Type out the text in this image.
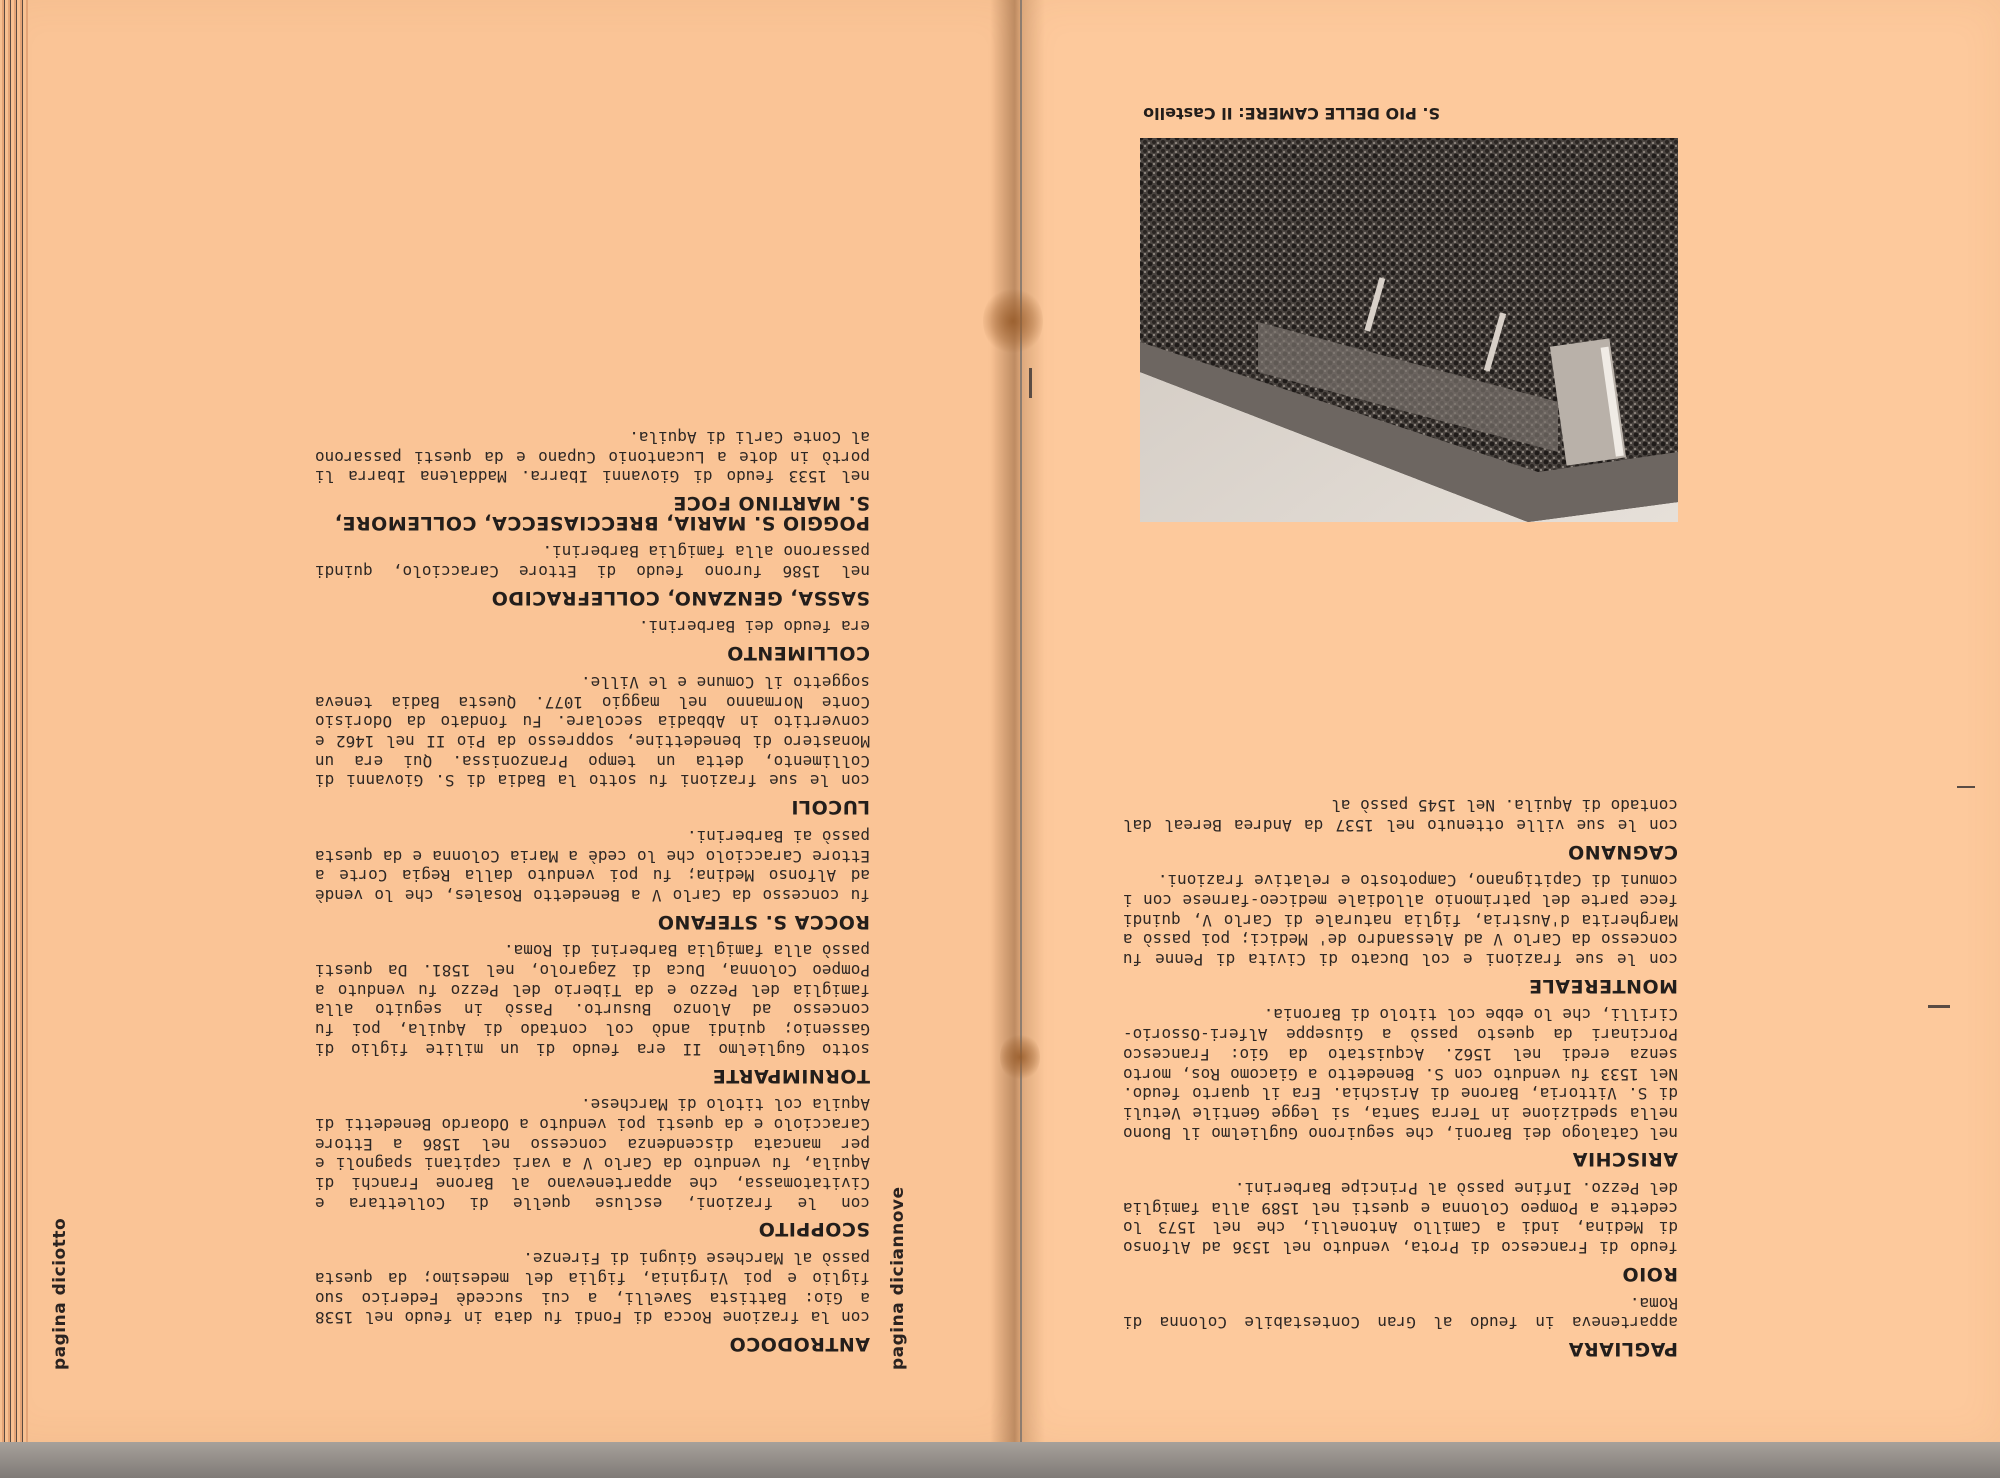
pagina diciotto	ANTRODOCO
con la frazione Rocca di Fondi fu data in feudo nel 1538 a Gio: Battista Savelli, a cui succedè Federico suo figlio e poi Virginia, figlia del medesimo; da questa passò al Marchese Giugni di Firenze.
SCOPPITO
con le frazioni, escluse quelle di Collettara e Civitatomassa, che appartenevano al Barone Franchi di Aquila, fu venduto da Carlo V a vari capitani spagnoli e per mancata discendenza concesso nel 1586 a Ettore Caracciolo e da questi poi venduto a Odoardo Benedetti di Aquila col titolo di Marchese.
TORNIMPARTE
sotto Guglielmo II era feudo di un milite figlio di Gassenio; quindi andò col contado di Aquila, poi fu concesso ad Alonzo Busurto. Passò in seguito alla famiglia del Pezzo e da Tiberio del Pezzo fu venduto a Pompeo Colonna, Duca di Zagarolo, nel 1581. Da questi passò alla famiglia Barberini di Roma.
ROCCA S. STEFANO
fu concesso da Carlo V a Benedetto Rosales, che lo vendè ad Alfonso Medina; fu poi venduto dalla Regia Corte a Ettore Caracciolo che lo cedè a Maria Colonna e da questa passò ai Barberini.
LUCOLI
con le sue frazioni fu sotto la Badia di S. Giovanni di Collimento, detta un tempo Pranzonissa. Qui era un Monastero di benedettine, soppresso da Pio II nel 1462 e convertito in Abbadia secolare. Fu fondato da Odorisio Conte Normanno nel maggio 1077. Questa Badia teneva soggetto il Comune e le Ville.
COLLIMENTO
era feudo dei Barberini.
SASSA, GENZANO, COLLEFRACIDO
nel 1586 furono feudo di Ettore Caracciolo, quindi passarono alla famiglia Barberini.
POGGIO S. MARIA, BRECCIASECCA, COLLEMORE, S. MARTINO FOCE
nel 1533 feudo di Giovanni Ibarra. Maddalena Ibarra li portò in dote a Lucantonio Cupano e da questi passarono al Conte Carli di Aquila.
pagina diciannove	PAGLIARA
apparteneva in feudo al Gran Contestabile Colonna di Roma.
ROIO
feudo di Francesco di Prota, venduto nel 1536 ad Alfonso di Medina, indi a Camillo Antonelli, che nel 1573 lo cedette a Pompeo Colonna e questi nel 1589 alla famiglia del Pezzo. Infine passò al Principe Barberini.
ARISCHIA
nel Catalogo dei Baroni, che seguirono Guglielmo il Buono nella spedizione in Terra Santa, si legge Gentile Vetuli di S. Vittoria, Barone di Arischia. Era il quarto feudo. Nel 1533 fu venduto con S. Benedetto a Giacomo Ros, morto senza eredi nel 1562. Acquistato da Gio: Francesco Porcinari da questo passò a Giuseppe Alferi-Ossorio-Cirilli, che lo ebbe col titolo di Baronia.
MONTEREALE
con le sue frazioni e col Ducato di Civita di Penne fu concesso da Carlo V ad Alessandro de' Medici; poi passò a Margherita d'Austria, figlia naturale di Carlo V, quindi fece parte del patrimonio allodiale mediceo-farnese con i comuni di Capitignano, Campotosto e relative frazioni.
CAGNANO
con le sue ville ottenuto nel 1537 da Andrea Bereal dal contado di Aquila. Nel 1545 passò al
S. PIO DELLE CAMERE: Il Castello
